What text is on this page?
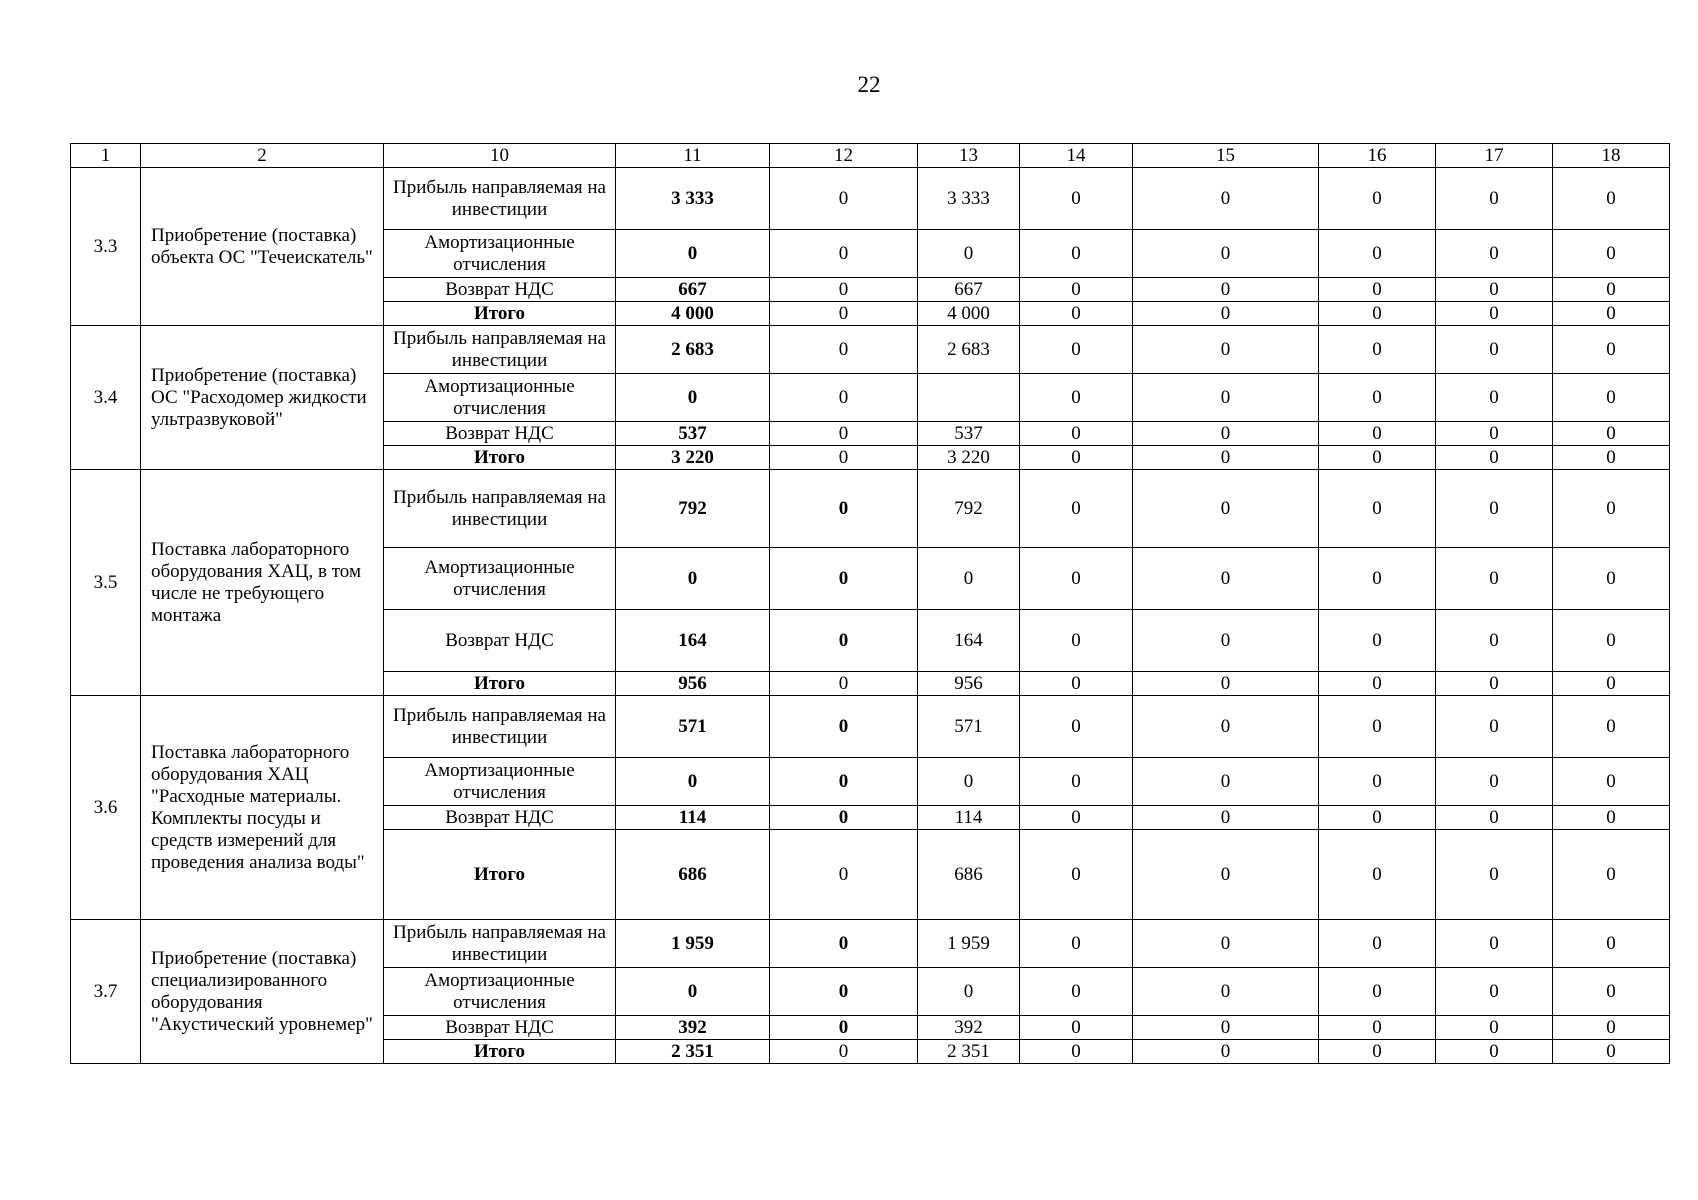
22
1	2	10	11	12	13	14	15	16	17	18
3.3	Приобретение (поставка) объекта ОС "Течеискатель"	Прибыль направляемая на инвестиции	3 333	0	3 333	0	0	0	0	0
		Амортизационные отчисления	0	0	0	0	0	0	0	0
		Возврат НДС	667	0	667	0	0	0	0	0
		Итого	4 000	0	4 000	0	0	0	0	0
3.4	Приобретение (поставка) ОС "Расходомер жидкости ультразвуковой"	Прибыль направляемая на инвестиции	2 683	0	2 683	0	0	0	0	0
		Амортизационные отчисления	0	0		0	0	0	0	0
		Возврат НДС	537	0	537	0	0	0	0	0
		Итого	3 220	0	3 220	0	0	0	0	0
3.5	Поставка лабораторного оборудования ХАЦ, в том числе не требующего монтажа	Прибыль направляемая на инвестиции	792	0	792	0	0	0	0	0
		Амортизационные отчисления	0	0	0	0	0	0	0	0
		Возврат НДС	164	0	164	0	0	0	0	0
		Итого	956	0	956	0	0	0	0	0
3.6	Поставка лабораторного оборудования ХАЦ "Расходные материалы. Комплекты посуды и средств измерений для проведения анализа воды"	Прибыль направляемая на инвестиции	571	0	571	0	0	0	0	0
		Амортизационные отчисления	0	0	0	0	0	0	0	0
		Возврат НДС	114	0	114	0	0	0	0	0
		Итого	686	0	686	0	0	0	0	0
3.7	Приобретение (поставка) специализированного оборудования "Акустический уровнемер"	Прибыль направляемая на инвестиции	1 959	0	1 959	0	0	0	0	0
		Амортизационные отчисления	0	0	0	0	0	0	0	0
		Возврат НДС	392	0	392	0	0	0	0	0
		Итого	2 351	0	2 351	0	0	0	0	0
